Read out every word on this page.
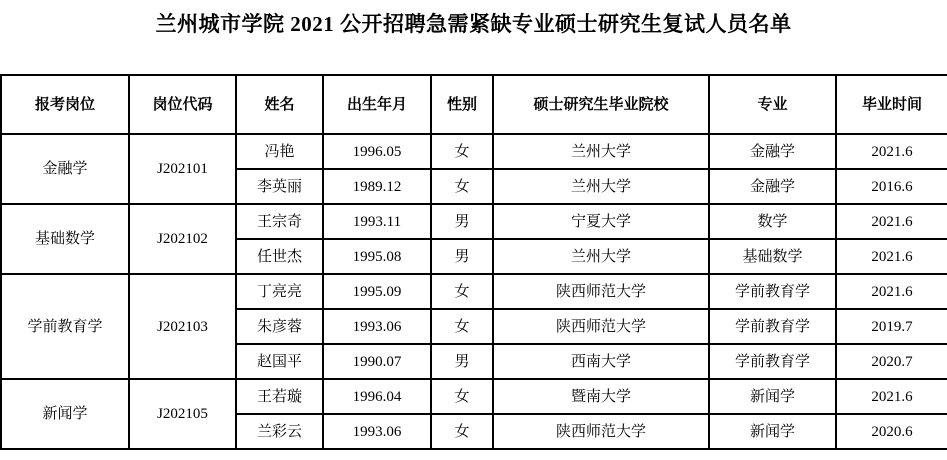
兰州城市学院 2021 公开招聘急需紧缺专业硕士研究生复试人员名单
报考岗位	岗位代码	姓名	出生年月	性别	硕士研究生毕业院校	专业	毕业时间
金融学	J202101	冯艳	1996.05	女	兰州大学	金融学	2021.6
		李英丽	1989.12	女	兰州大学	金融学	2016.6
基础数学	J202102	王宗奇	1993.11	男	宁夏大学	数学	2021.6
		任世杰	1995.08	男	兰州大学	基础数学	2021.6
学前教育学	J202103	丁亮亮	1995.09	女	陕西师范大学	学前教育学	2021.6
		朱彦蓉	1993.06	女	陕西师范大学	学前教育学	2019.7
		赵国平	1990.07	男	西南大学	学前教育学	2020.7
新闻学	J202105	王若璇	1996.04	女	暨南大学	新闻学	2021.6
		兰彩云	1993.06	女	陕西师范大学	新闻学	2020.6
